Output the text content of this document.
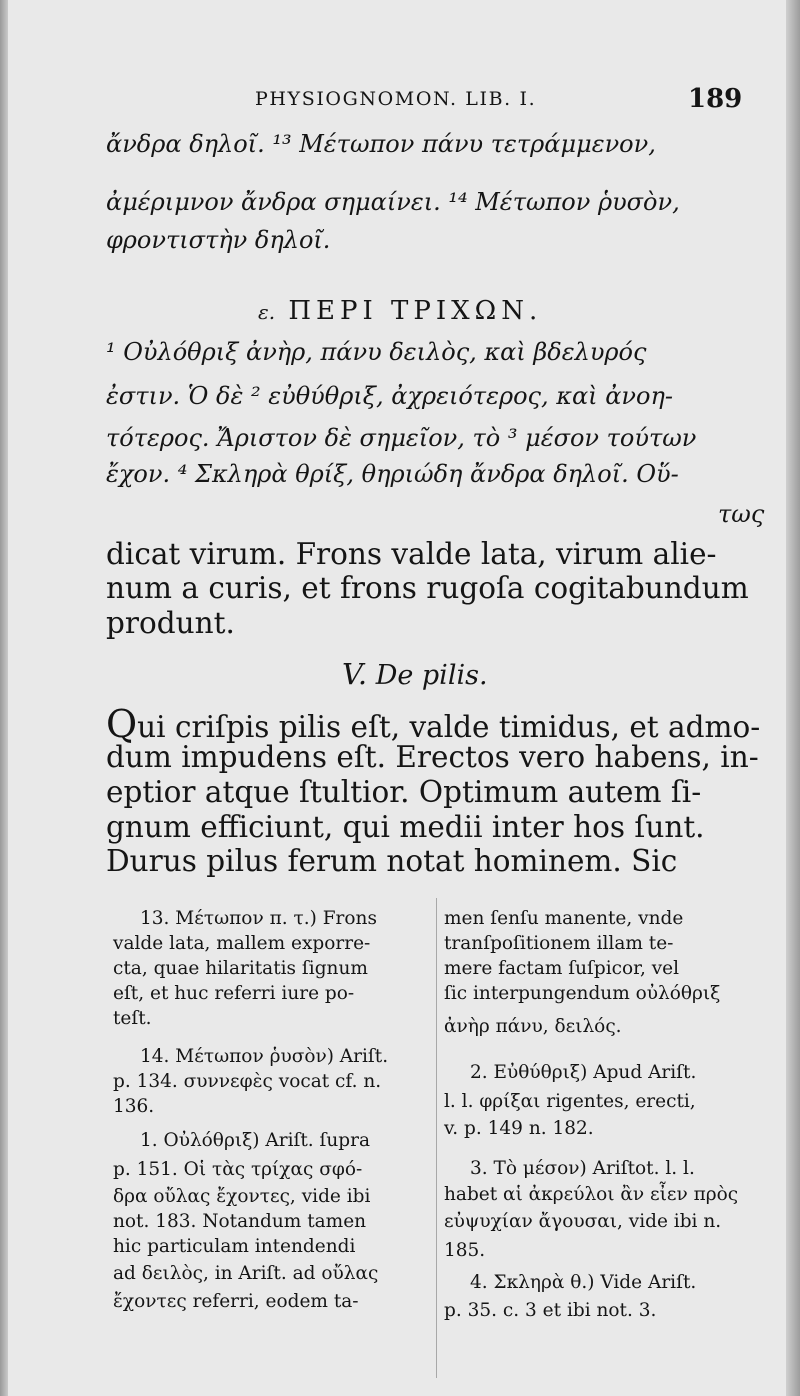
PHYSIOGNOMON. LIB. I.	189
ἄνδρα δηλοῖ. ¹³ Μέτωπον πάνυ τετράμμενον,
ἀμέριμνον ἄνδρα σημαίνει. ¹⁴ Μέτωπον ῥυσὸν,
φροντιστὴν δηλοῖ.
ε. ΠΕΡΙ ΤΡΙΧΩΝ.
¹ Οὐλόθριξ ἀνὴρ, πάνυ δειλὸς, καὶ βδελυρός
ἐστιν. Ὁ δὲ ² εὐθύθριξ, ἀχρειότερος, καὶ ἀνοη-
τότερος. Ἄριστον δὲ σημεῖον, τὸ ³ μέσον τούτων
ἔχον. ⁴ Σκληρὰ θρίξ, θηριώδη ἄνδρα δηλοῖ. Οὕ-
τως
dicat virum. Frons valde lata, virum alie-
num a curis, et frons rugoſa cogitabundum
produnt.
V. De pilis.
Qui criſpis pilis eſt, valde timidus, et admo-
dum impudens eſt. Erectos vero habens, in-
eptior atque ſtultior. Optimum autem ſi-
gnum efficiunt, qui medii inter hos ſunt.
Durus pilus ferum notat hominem. Sic
13. Μέτωπον π. τ.) Frons
valde lata, mallem exporre-
cta, quae hilaritatis ſignum
eſt, et huc referri iure po-
teſt.
14. Μέτωπον ῥυσὸν) Ariſt.
p. 134. συννεφὲς vocat cf. n.
136.
1. Οὐλόθριξ) Ariſt. ſupra
p. 151. Οἱ τὰς τρίχας σφό-
δρα οὔλας ἔχοντες, vide ibi
not. 183. Notandum tamen
hic particulam intendendi
ad δειλὸς, in Ariſt. ad οὔλας
ἔχοντες referri, eodem ta-
men ſenſu manente, vnde
tranſpoſitionem illam te-
mere factam ſuſpicor, vel
ſic interpungendum οὐλόθριξ
ἀνὴρ πάνυ, δειλός.
2. Εὐθύθριξ) Apud Ariſt.
l. l. φρίξαι rigentes, erecti,
v. p. 149 n. 182.
3. Τὸ μέσον) Ariſtot. l. l.
habet αἱ ἀκρεύλοι ἂν εἶεν πρὸς
εὐψυχίαν ἄγουσαι, vide ibi n.
185.
4. Σκληρὰ θ.) Vide Ariſt.
p. 35. c. 3 et ibi not. 3.
